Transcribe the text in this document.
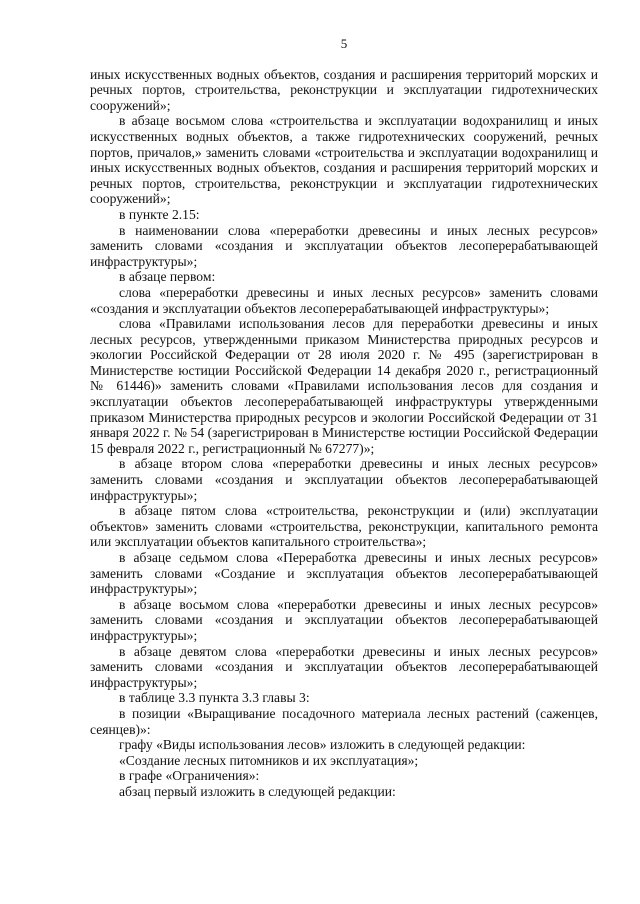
5

иных искусственных водных объектов, создания и расширения территорий морских и речных портов, строительства, реконструкции и эксплуатации гидротехнических сооружений»;

в абзаце восьмом слова «строительства и эксплуатации водохранилищ и иных искусственных водных объектов, а также гидротехнических сооружений, речных портов, причалов,» заменить словами «строительства и эксплуатации водохранилищ и иных искусственных водных объектов, создания и расширения территорий морских и речных портов, строительства, реконструкции и эксплуатации гидротехнических сооружений»;

в пункте 2.15:

в наименовании слова «переработки древесины и иных лесных ресурсов» заменить словами «создания и эксплуатации объектов лесоперерабатывающей инфраструктуры»;

в абзаце первом:

слова «переработки древесины и иных лесных ресурсов» заменить словами «создания и эксплуатации объектов лесоперерабатывающей инфраструктуры»;

слова «Правилами использования лесов для переработки древесины и иных лесных ресурсов, утвержденными приказом Министерства природных ресурсов и экологии Российской Федерации от 28 июля 2020 г. № 495 (зарегистрирован в Министерстве юстиции Российской Федерации 14 декабря 2020 г., регистрационный № 61446)» заменить словами «Правилами использования лесов для создания и эксплуатации объектов лесоперерабатывающей инфраструктуры утвержденными приказом Министерства природных ресурсов и экологии Российской Федерации от 31 января 2022 г. № 54 (зарегистрирован в Министерстве юстиции Российской Федерации 15 февраля 2022 г., регистрационный № 67277)»;

в абзаце втором слова «переработки древесины и иных лесных ресурсов» заменить словами «создания и эксплуатации объектов лесоперерабатывающей инфраструктуры»;

в абзаце пятом слова «строительства, реконструкции и (или) эксплуатации объектов» заменить словами «строительства, реконструкции, капитального ремонта или эксплуатации объектов капитального строительства»;

в абзаце седьмом слова «Переработка древесины и иных лесных ресурсов» заменить словами «Создание и эксплуатация объектов лесоперерабатывающей инфраструктуры»;

в абзаце восьмом слова «переработки древесины и иных лесных ресурсов» заменить словами «создания и эксплуатации объектов лесоперерабатывающей инфраструктуры»;

в абзаце девятом слова «переработки древесины и иных лесных ресурсов» заменить словами «создания и эксплуатации объектов лесоперерабатывающей инфраструктуры»;

в таблице 3.3 пункта 3.3 главы 3:

в позиции «Выращивание посадочного материала лесных растений (саженцев, сеянцев)»:

графу «Виды использования лесов» изложить в следующей редакции:

«Создание лесных питомников и их эксплуатация»;

в графе «Ограничения»:

абзац первый изложить в следующей редакции:
